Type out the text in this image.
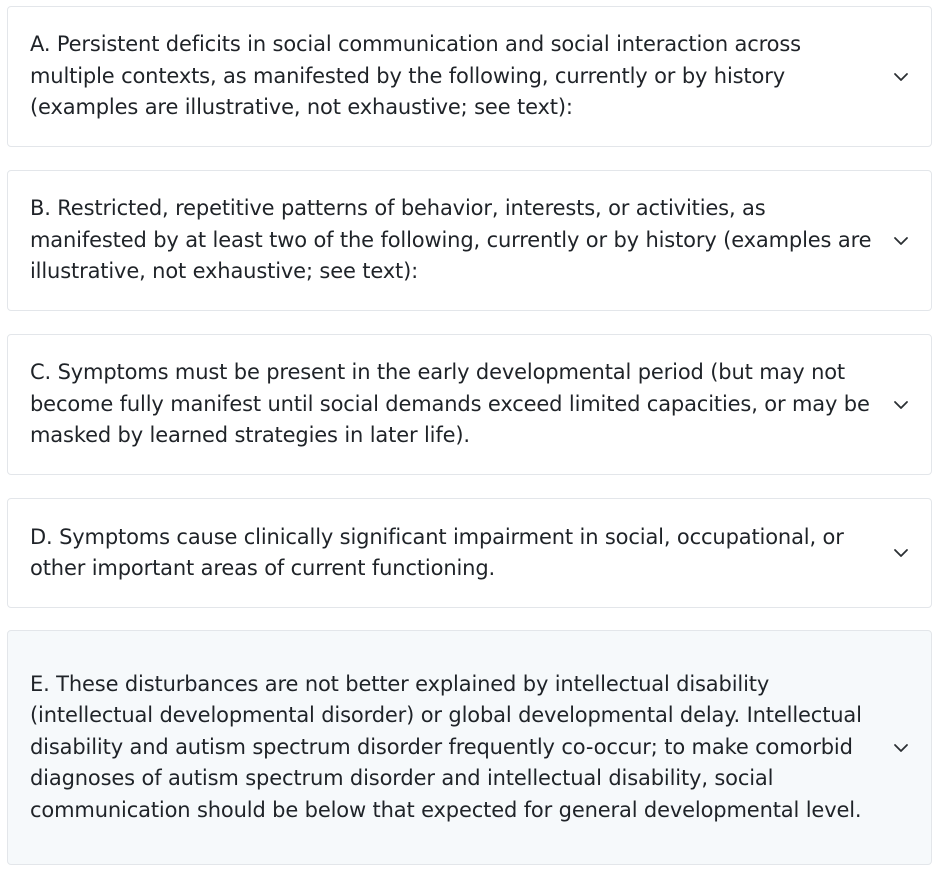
A. Persistent deficits in social communication and social interaction across multiple contexts, as manifested by the following, currently or by history (examples are illustrative, not exhaustive; see text):
B. Restricted, repetitive patterns of behavior, interests, or activities, as manifested by at least two of the following, currently or by history (examples are illustrative, not exhaustive; see text):
C. Symptoms must be present in the early developmental period (but may not become fully manifest until social demands exceed limited capacities, or may be masked by learned strategies in later life).
D. Symptoms cause clinically significant impairment in social, occupational, or other important areas of current functioning.
E. These disturbances are not better explained by intellectual disability (intellectual developmental disorder) or global developmental delay. Intellectual disability and autism spectrum disorder frequently co-occur; to make comorbid diagnoses of autism spectrum disorder and intellectual disability, social communication should be below that expected for general developmental level.
